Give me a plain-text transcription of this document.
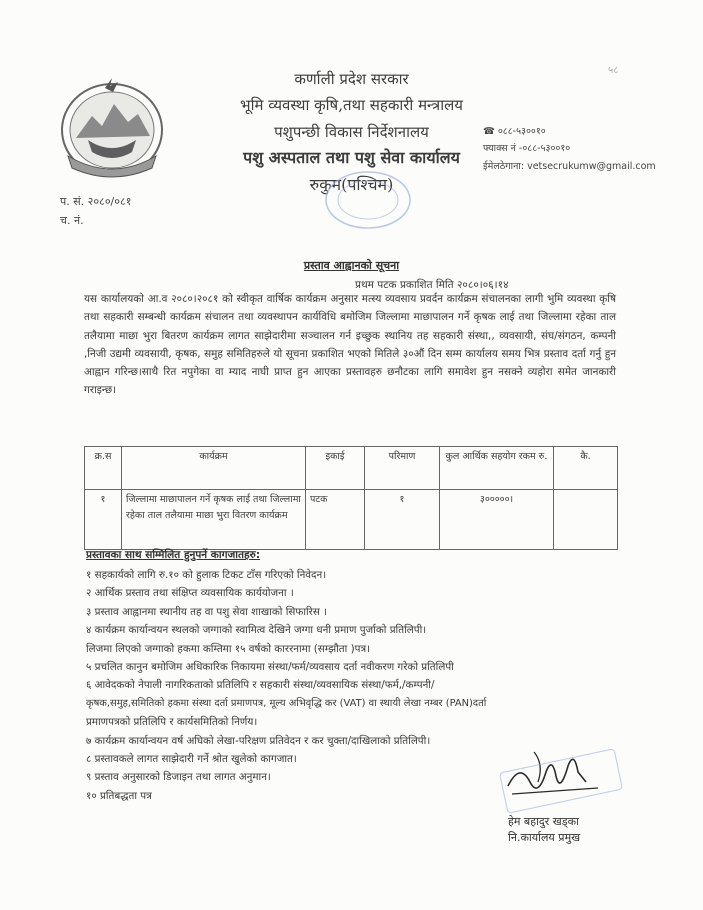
कर्णाली प्रदेश सरकार
भूमि व्यवस्था कृषि,तथा सहकारी मन्त्रालय
पशुपन्छी विकास निर्देशनालय
पशु अस्पताल तथा पशु सेवा कार्यालय
रुकुम(पश्चिम)
☎ ०८८-५३००१०
फ्याक्स नं -०८८-५३००१०
ईमेलठेगाना: vetsecrukumw@gmail.com
५८
प. सं. २०८०/०८१
च. नं.
प्रस्ताव आह्वानको सूचना
प्रथम पटक प्रकाशित मिति २०८०।०६।१४
यस कार्यालयको आ.व २०८०।२०८१ को स्वीकृत वार्षिक कार्यक्रम अनुसार मत्स्य व्यवसाय प्रवर्दन कार्यक्रम संचालनका लागी भुमि व्यवस्था कृषि तथा सहकारी सम्बन्धी कार्यक्रम संचालन तथा व्यवस्थापन कार्यविधि बमोजिम जिल्लामा माछापालन गर्ने कृषक लाई तथा जिल्लामा रहेका ताल तलैयामा माछा भुरा बितरण कार्यक्रम लागत साझेदारीमा सञ्चालन गर्न इच्छुक स्थानिय तह सहकारी संस्था,, व्यवसायी, संघ/संगठन, कम्पनी ,निजी उद्यमी व्यवसायी, कृषक, समुह समितिहरुले यो सूचना प्रकाशित भएको मितिले ३०औं दिन सम्म कार्यालय समय भित्र प्रस्ताव दर्ता गर्नु हुन आह्वान गरिन्छ।साथै रित नपुगेका वा म्याद नाघी प्राप्त हुन आएका प्रस्तावहरु छनौटका लागि समावेश हुन नसक्ने व्यहोरा समेत जानकारी गराइन्छ।
क्र.स	कार्यक्रम	इकाई	परिमाण	कुल आर्थिक सहयोग रकम रु.	कै.
१	जिल्लामा माछापालन गर्ने कृषक लाई तथा जिल्लामा रहेका ताल तलैयामा माछा भुरा वितरण कार्यक्रम	पटक	१	३०००००।	
प्रस्तावका साथ सम्मिलित हुनुपर्ने कागजातहरु:
१ सहकार्यको लागि रु.१० को हुलाक टिकट टाँस गरिएको निवेदन।
२ आर्थिक प्रस्ताव तथा संक्षिप्त व्यवसायिक कार्ययोजना ।
३ प्रस्ताव आह्वानमा स्थानीय तह वा पशु सेवा शाखाको सिफारिस ।
४ कार्यक्रम कार्यान्वयन स्थलको जग्गाको स्वामित्व देखिने जग्गा धनी प्रमाण पुर्जाको प्रतिलिपी।
लिजमा लिएको जग्गाको हकमा कम्तिमा १५ वर्षको काररनामा (सम्झौता )पत्र।
५ प्रचलित कानुन बमोजिम अधिकारिक निकायमा संस्था/फर्म/व्यवसाय दर्ता नवीकरण गरेको प्रतिलिपी
६ आवेदकको नेपाली नागरिकताको प्रतिलिपि र सहकारी संस्था/व्यवसायिक संस्था/फर्म,/कम्पनी/
कृषक,समुह,समितिको हकमा संस्था दर्ता प्रमाणपत्र, मूल्य अभिवृद्धि कर (VAT) वा स्थायी लेखा नम्बर (PAN)दर्ता
प्रमाणपत्रको प्रतिलिपि र कार्यसमितिको निर्णय।
७ कार्यक्रम कार्यान्वयन वर्ष अघिको लेखा-परिक्षण प्रतिवेदन र कर चुक्ता/दाखिलाको प्रतिलिपी।
८ प्रस्तावकले लागत साझेदारी गर्ने श्रोत खुलेको कागजात।
९ प्रस्ताव अनुसारको डिजाइन तथा लागत अनुमान।
१० प्रतिबद्धता पत्र
हेम बहादुर खड्का
नि.कार्यालय प्रमुख
